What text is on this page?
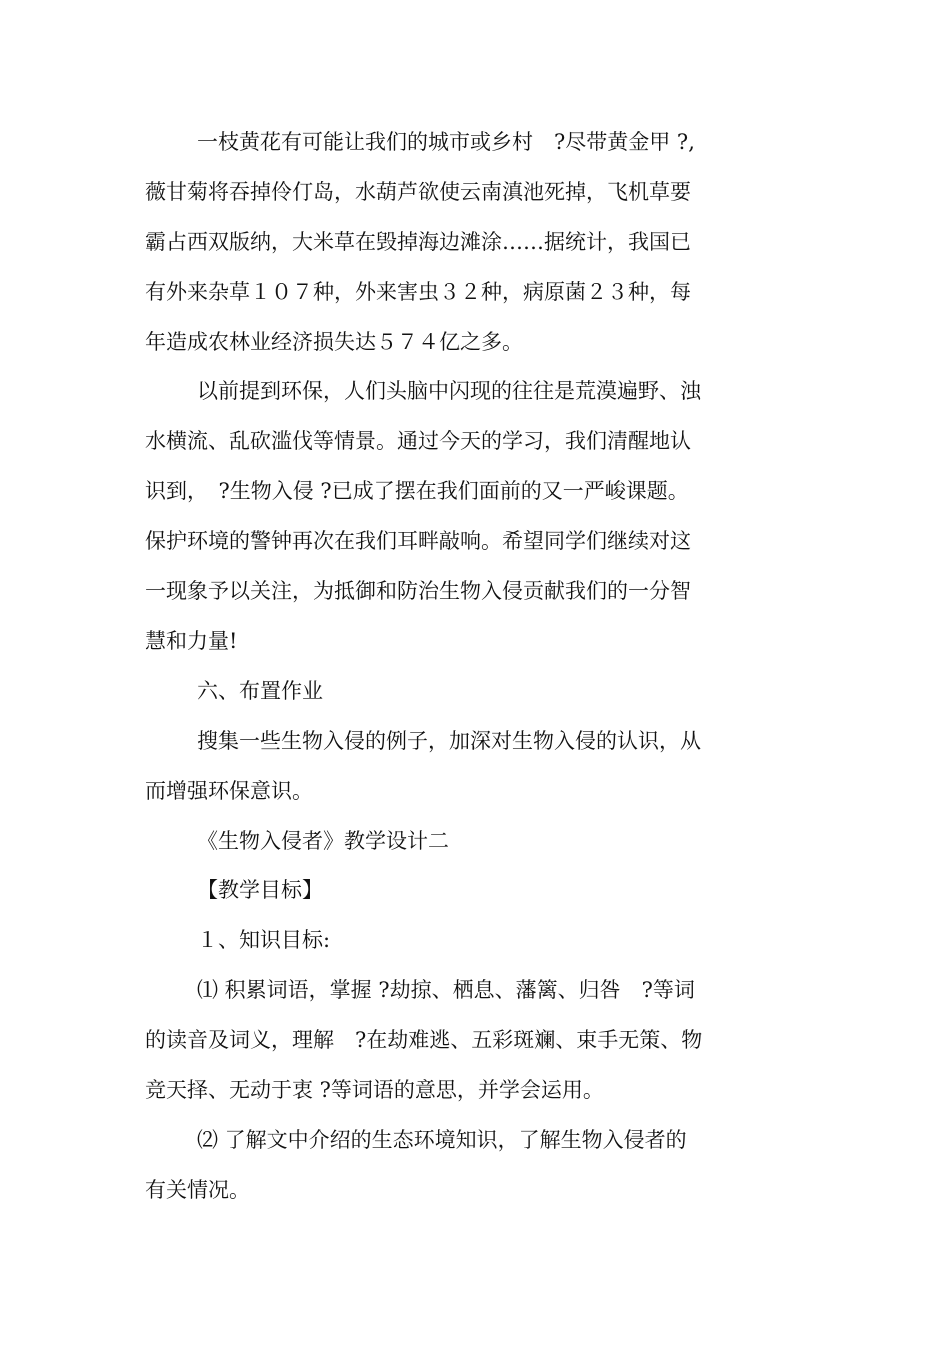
一枝黄花有可能让我们的城市或乡村　?尽带黄金甲 ?,
薇甘菊将吞掉伶仃岛，水葫芦欲使云南滇池死掉，飞机草要
霸占西双版纳，大米草在毁掉海边滩涂……据统计，我国已
有外来杂草１０７种，外来害虫３２种，病原菌２３种，每
年造成农林业经济损失达５７４亿之多。
以前提到环保，人们头脑中闪现的往往是荒漠遍野、浊
水横流、乱砍滥伐等情景。通过今天的学习，我们清醒地认
识到，　?生物入侵 ?已成了摆在我们面前的又一严峻课题。
保护环境的警钟再次在我们耳畔敲响。希望同学们继续对这
一现象予以关注，为抵御和防治生物入侵贡献我们的一分智
慧和力量!
六、布置作业
搜集一些生物入侵的例子，加深对生物入侵的认识，从
而增强环保意识。
《生物入侵者》教学设计二
【教学目标】
１、知识目标:
⑴ 积累词语，掌握 ?劫掠、栖息、藩篱、归咎　?等词
的读音及词义，理解　?在劫难逃、五彩斑斓、束手无策、物
竞天择、无动于衷 ?等词语的意思，并学会运用。
⑵ 了解文中介绍的生态环境知识，了解生物入侵者的
有关情况。
